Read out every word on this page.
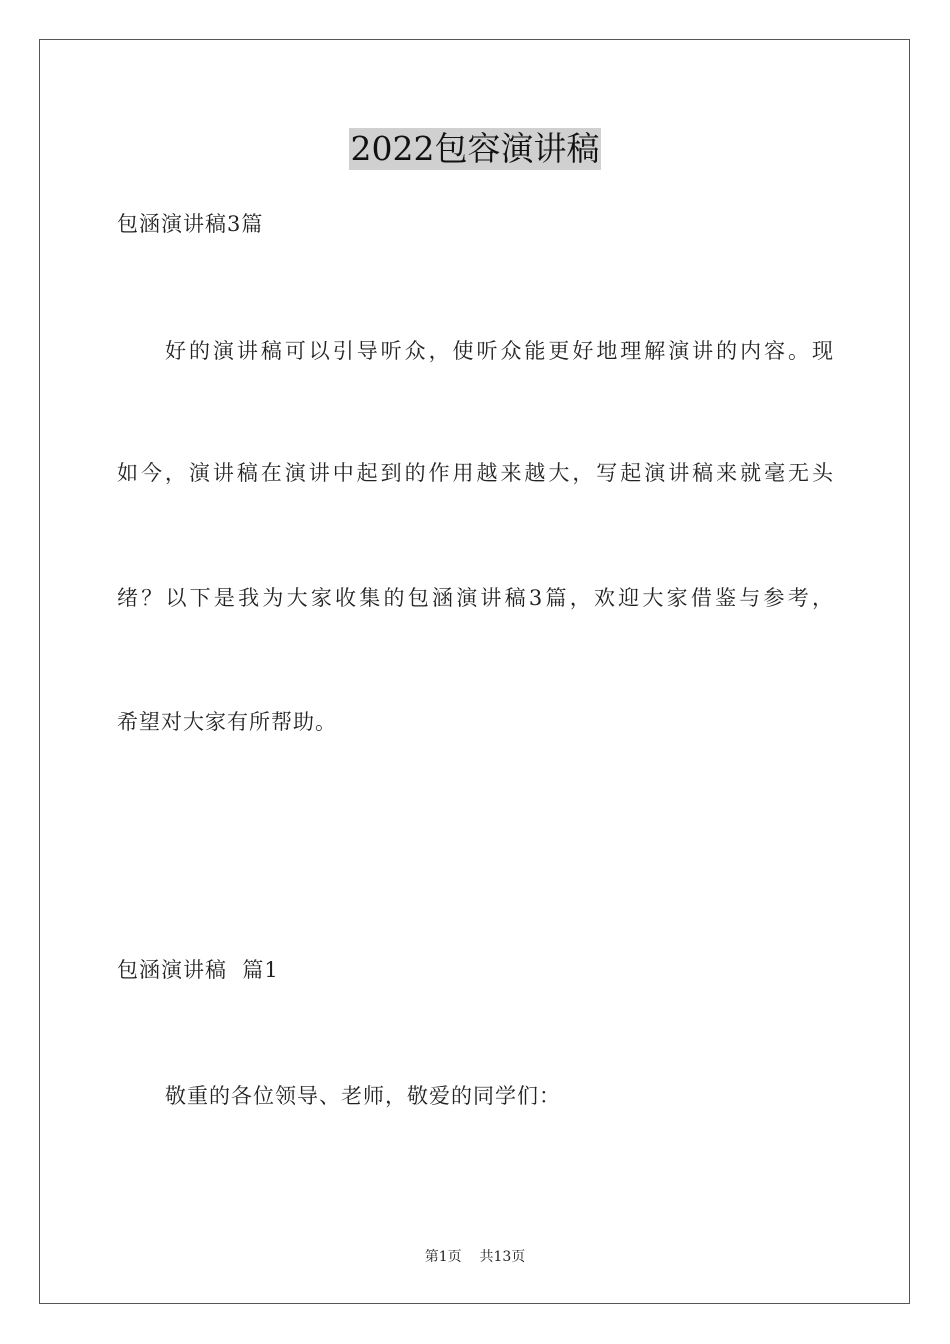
2022包容演讲稿
包涵演讲稿3篇
好的演讲稿可以引导听众，使听众能更好地理解演讲的内容。现
如今，演讲稿在演讲中起到的作用越来越大，写起演讲稿来就毫无头
绪？以下是我为大家收集的包涵演讲稿3篇，欢迎大家借鉴与参考，
希望对大家有所帮助。
包涵演讲稿  篇1
敬重的各位领导、老师，敬爱的同学们：
第1页    共13页
